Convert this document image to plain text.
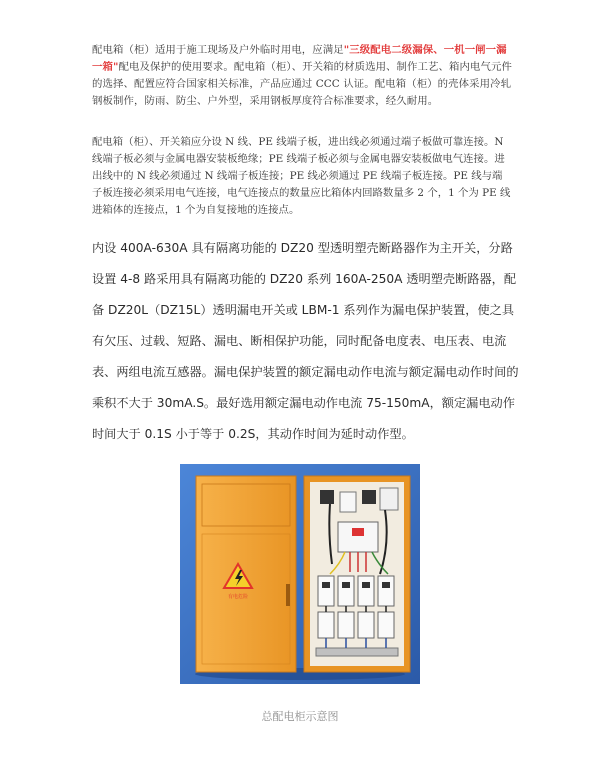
配电箱（柜）适用于施工现场及户外临时用电，应满足"三级配电二级漏保、一机一闸一漏一箱"配电及保护的使用要求。配电箱（柜）、开关箱的材质选用、制作工艺、箱内电气元件的选择、配置应符合国家相关标准，产品应通过 CCC 认证。配电箱（柜）的壳体采用冷轧钢板制作，防雨、防尘、户外型，采用钢板厚度符合标准要求，经久耐用。
配电箱（柜）、开关箱应分设 N 线、PE 线端子板，进出线必须通过端子板做可靠连接。N 线端子板必须与金属电器安装板绝缘；PE 线端子板必须与金属电器安装板做电气连接。进出线中的 N 线必须通过 N 线端子板连接；PE 线必须通过 PE 线端子板连接。PE 线与端子板连接必须采用电气连接，电气连接点的数量应比箱体内回路数量多 2 个，1 个为 PE 线进箱体的连接点，1 个为自复接地的连接点。
内设 400A-630A 具有隔离功能的 DZ20 型透明塑壳断路器作为主开关，分路设置 4-8 路采用具有隔离功能的 DZ20 系列 160A-250A 透明塑壳断路器，配备 DZ20L（DZ15L）透明漏电开关或 LBM-1 系列作为漏电保护装置，使之具有欠压、过载、短路、漏电、断相保护功能，同时配备电度表、电压表、电流表、两组电流互感器。漏电保护装置的额定漏电动作电流与额定漏电动作时间的乘积不大于 30mA.S。最好选用额定漏电动作电流 75-150mA，额定漏电动作时间大于 0.1S 小于等于 0.2S，其动作时间为延时动作型。
有电危险
总配电柜示意图
